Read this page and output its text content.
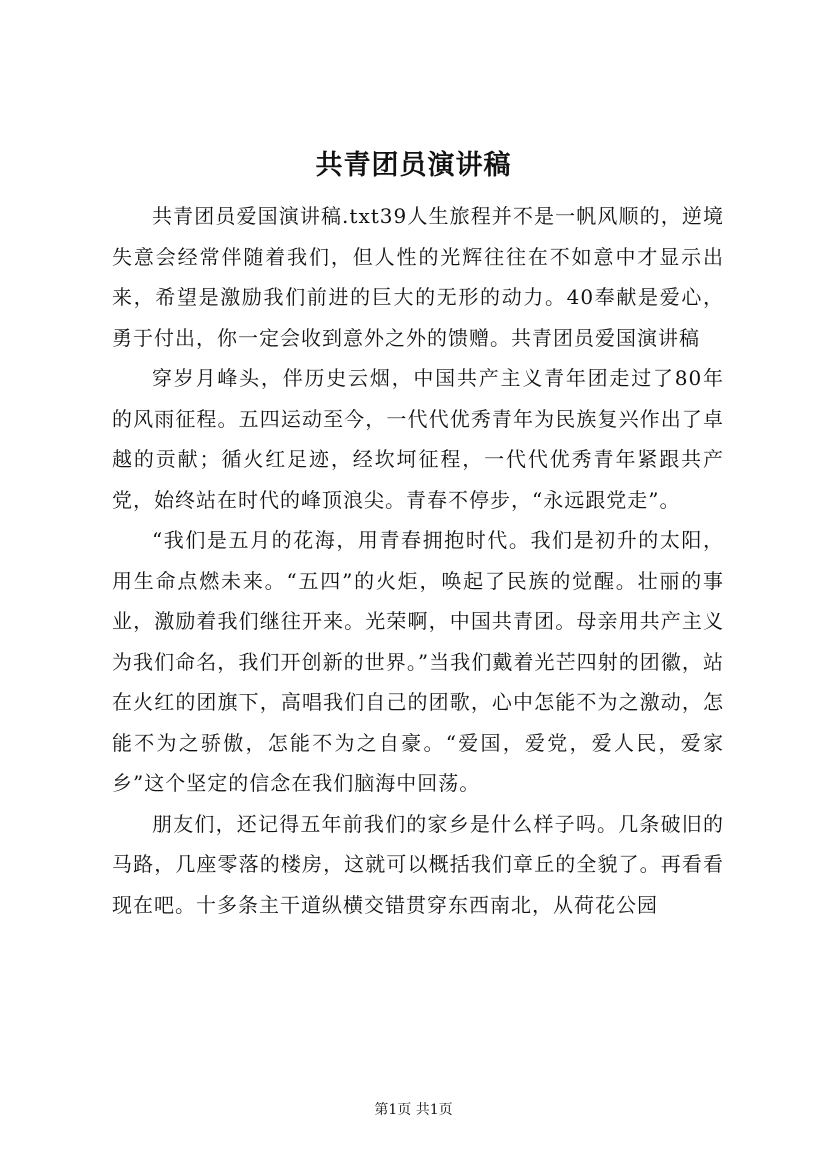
共青团员演讲稿

共青团员爱国演讲稿.txt39人生旅程并不是一帆风顺的，逆境失意会经常伴随着我们，但人性的光辉往往在不如意中才显示出来，希望是激励我们前进的巨大的无形的动力。40奉献是爱心，勇于付出，你一定会收到意外之外的馈赠。共青团员爱国演讲稿

穿岁月峰头，伴历史云烟，中国共产主义青年团走过了80年的风雨征程。五四运动至今，一代代优秀青年为民族复兴作出了卓越的贡献；循火红足迹，经坎坷征程，一代代优秀青年紧跟共产党，始终站在时代的峰顶浪尖。青春不停步，“永远跟党走”。

“我们是五月的花海，用青春拥抱时代。我们是初升的太阳，用生命点燃未来。“五四”的火炬，唤起了民族的觉醒。壮丽的事业，激励着我们继往开来。光荣啊，中国共青团。母亲用共产主义为我们命名，我们开创新的世界。”当我们戴着光芒四射的团徽，站在火红的团旗下，高唱我们自己的团歌，心中怎能不为之激动，怎能不为之骄傲，怎能不为之自豪。“爱国，爱党，爱人民，爱家乡”这个坚定的信念在我们脑海中回荡。

朋友们，还记得五年前我们的家乡是什么样子吗。几条破旧的马路，几座零落的楼房，这就可以概括我们章丘的全貌了。再看看现在吧。十多条主干道纵横交错贯穿东西南北，从荷花公园

第1页 共1页
